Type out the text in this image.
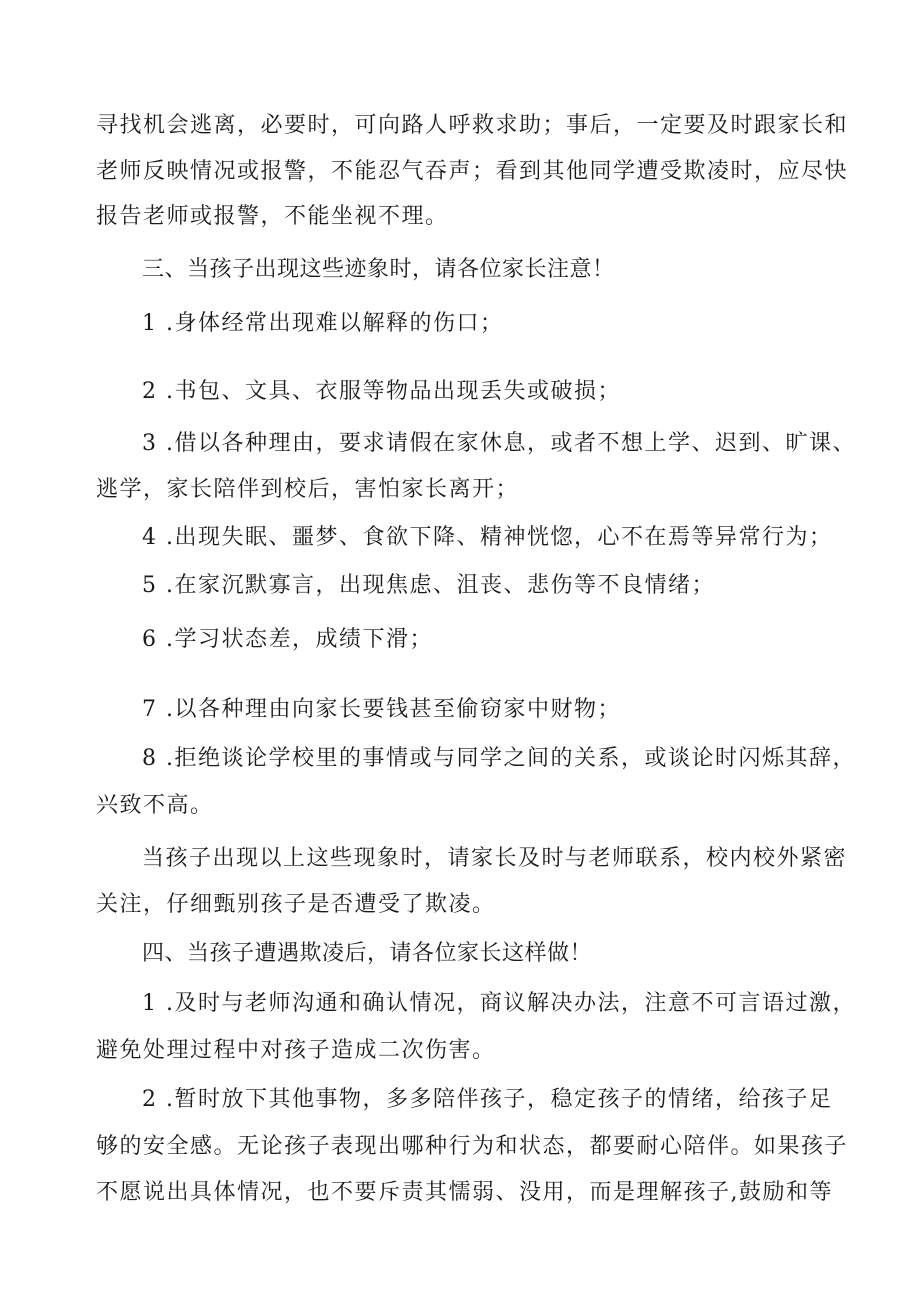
寻找机会逃离，必要时，可向路人呼救求助；事后，一定要及时跟家长和
老师反映情况或报警，不能忍气吞声；看到其他同学遭受欺凌时，应尽快
报告老师或报警，不能坐视不理。
三、当孩子出现这些迹象时，请各位家长注意！
1 .身体经常出现难以解释的伤口；
2 .书包、文具、衣服等物品出现丢失或破损；
3 .借以各种理由，要求请假在家休息，或者不想上学、迟到、旷课、
逃学，家长陪伴到校后，害怕家长离开；
4 .出现失眠、噩梦、食欲下降、精神恍惚，心不在焉等异常行为；
5 .在家沉默寡言，出现焦虑、沮丧、悲伤等不良情绪；
6 .学习状态差，成绩下滑；
7 .以各种理由向家长要钱甚至偷窃家中财物；
8 .拒绝谈论学校里的事情或与同学之间的关系，或谈论时闪烁其辞，
兴致不高。
当孩子出现以上这些现象时，请家长及时与老师联系，校内校外紧密
关注，仔细甄别孩子是否遭受了欺凌。
四、当孩子遭遇欺凌后，请各位家长这样做！
1 .及时与老师沟通和确认情况，商议解决办法，注意不可言语过激，
避免处理过程中对孩子造成二次伤害。
2 .暂时放下其他事物，多多陪伴孩子，稳定孩子的情绪，给孩子足
够的安全感。无论孩子表现出哪种行为和状态，都要耐心陪伴。如果孩子
不愿说出具体情况，也不要斥责其懦弱、没用，而是理解孩子,鼓励和等
